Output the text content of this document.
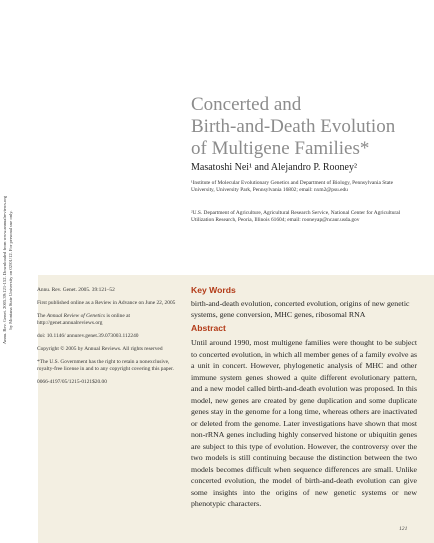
Annu. Rev. Genet. 2005.39:121-152. Downloaded from www.annualreviews.org by Montana State University on 02/01/12. For personal use only.
Concerted and
Birth-and-Death Evolution
of Multigene Families*
Masatoshi Nei¹ and Alejandro P. Rooney²
¹Institute of Molecular Evolutionary Genetics and Department of Biology, Pennsylvania State University, University Park, Pennsylvania 16802; email: nxm2@psu.edu
²U.S. Department of Agriculture, Agricultural Research Service, National Center for Agricultural Utilization Research, Peoria, Illinois 61604; email: rooneyap@ncaur.usda.gov
Annu. Rev. Genet. 2005. 39:121–52
First published online as a Review in Advance on June 22, 2005
The Annual Review of Genetics is online at http://genet.annualreviews.org
doi: 10.1146/ annurev.genet.39.073003.112240
Copyright © 2005 by Annual Reviews. All rights reserved
*The U.S. Government has the right to retain a nonexclusive, royalty-free license in and to any copyright covering this paper.
0066-4197/05/1215-0121$20.00
Key Words
birth-and-death evolution, concerted evolution, origins of new genetic systems, gene conversion, MHC genes, ribosomal RNA
Abstract
Until around 1990, most multigene families were thought to be subject to concerted evolution, in which all member genes of a family evolve as a unit in concert. However, phylogenetic analysis of MHC and other immune system genes showed a quite different evolutionary pattern, and a new model called birth-and-death evolution was proposed. In this model, new genes are created by gene duplication and some duplicate genes stay in the genome for a long time, whereas others are inactivated or deleted from the genome. Later investigations have shown that most non-rRNA genes including highly conserved histone or ubiquitin genes are subject to this type of evolution. However, the controversy over the two models is still continuing because the distinction between the two models becomes difficult when sequence differences are small. Unlike concerted evolution, the model of birth-and-death evolution can give some insights into the origins of new genetic systems or new phenotypic characters.
121
